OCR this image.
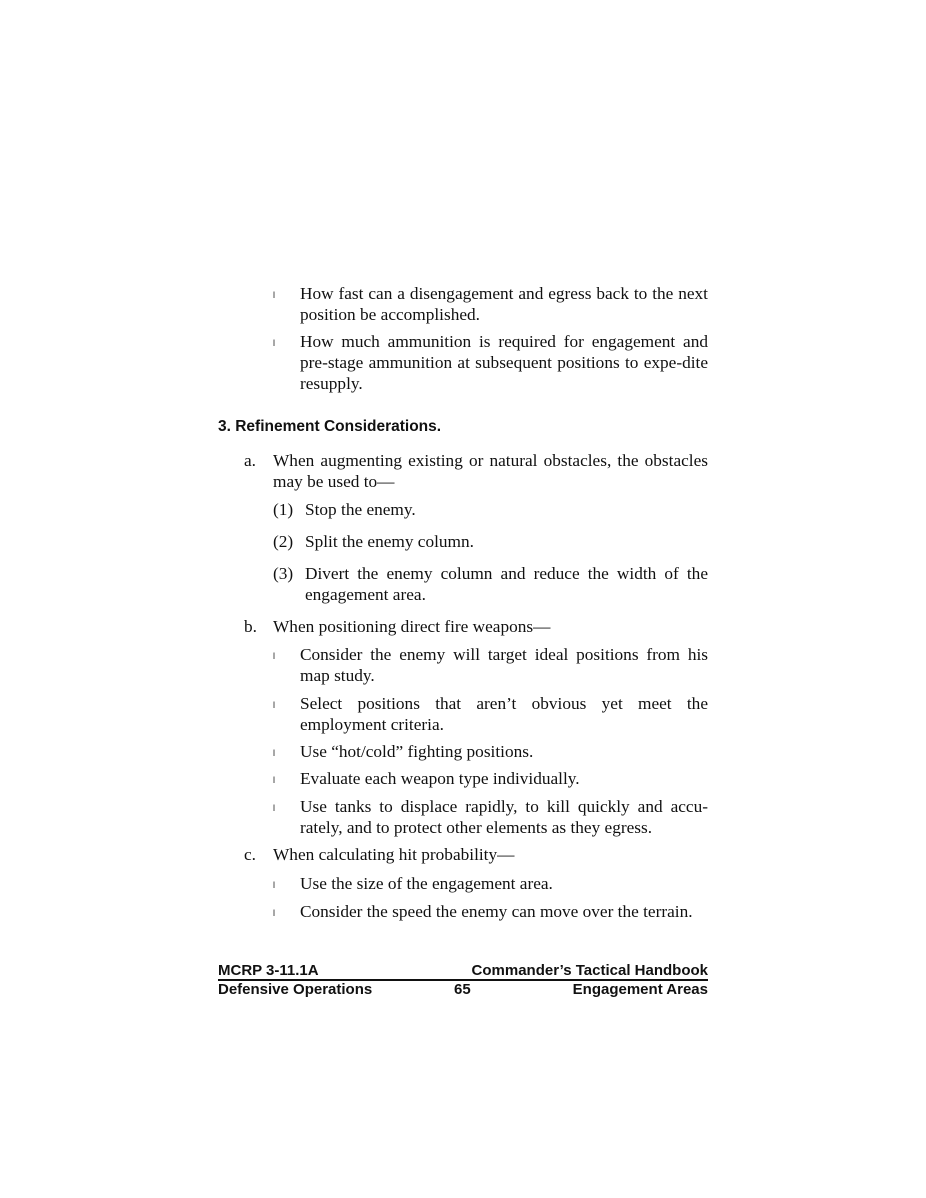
l	How fast can a disengagement and egress back to the next position be accomplished.
l	How much ammunition is required for engagement and pre-stage ammunition at subsequent positions to expe-dite resupply.
3. Refinement Considerations.
a. When augmenting existing or natural obstacles, the obstacles may be used to—
(1) Stop the enemy.
(2) Split the enemy column.
(3) Divert the enemy column and reduce the width of the engagement area.
b. When positioning direct fire weapons—
l	Consider the enemy will target ideal positions from his map study.
l	Select positions that aren’t obvious yet meet the employment criteria.
l	Use “hot/cold” fighting positions.
l	Evaluate each weapon type individually.
l	Use tanks to displace rapidly, to kill quickly and accu-rately, and to protect other elements as they egress.
c. When calculating hit probability—
l	Use the size of the engagement area.
l	Consider the speed the enemy can move over the terrain.
MCRP 3-11.1A	Commander’s Tactical Handbook
Defensive Operations	65	Engagement Areas
